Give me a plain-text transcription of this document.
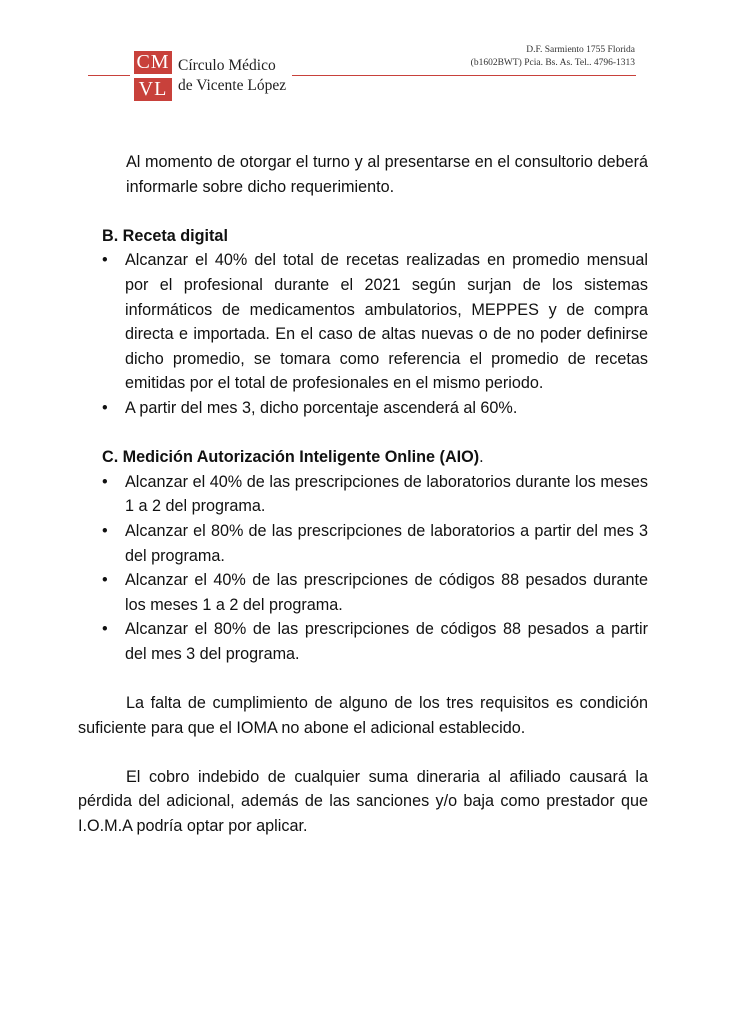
CM
VL
Círculo Médico
de Vicente López
D.F. Sarmiento 1755 Florida
(b1602BWT) Pcia. Bs. As. Tel.. 4796-1313

Al momento de otorgar el turno y al presentarse en el consultorio deberá informarle sobre dicho requerimiento.

B. Receta digital
• Alcanzar el 40% del total de recetas realizadas en promedio mensual por el profesional durante el 2021 según surjan de los sistemas informáticos de medicamentos ambulatorios, MEPPES y de compra directa e importada. En el caso de altas nuevas o de no poder definirse dicho promedio, se tomara como referencia el promedio de recetas emitidas por el total de profesionales en el mismo periodo.
• A partir del mes 3, dicho porcentaje ascenderá al 60%.
C. Medición Autorización Inteligente Online (AIO).
• Alcanzar el 40% de las prescripciones de laboratorios durante los meses 1 a 2 del programa.
• Alcanzar el 80% de las prescripciones de laboratorios a partir del mes 3 del programa.
• Alcanzar el 40% de las prescripciones de códigos 88 pesados durante los meses 1 a 2 del programa.
• Alcanzar el 80% de las prescripciones de códigos 88 pesados a partir del mes 3 del programa.

La falta de cumplimiento de alguno de los tres requisitos es condición suficiente para que el IOMA no abone el adicional establecido.

El cobro indebido de cualquier suma dineraria al afiliado causará la pérdida del adicional, además de las sanciones y/o baja como prestador que I.O.M.A podría optar por aplicar.
